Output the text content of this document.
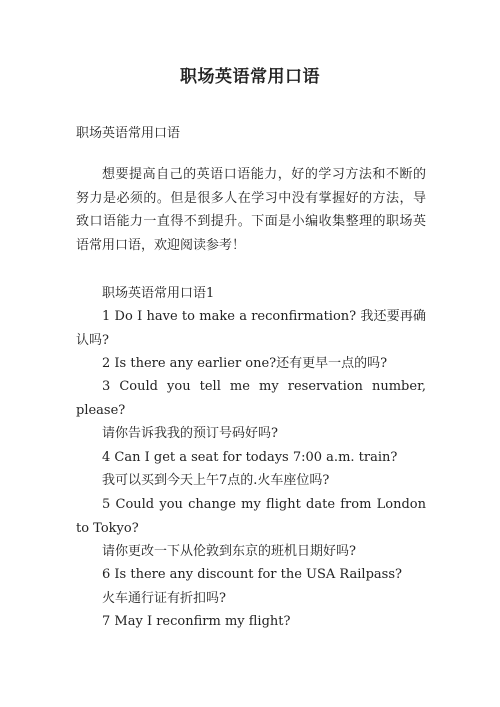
职场英语常用口语
职场英语常用口语
想要提高自己的英语口语能力，好的学习方法和不断的努力是必须的。但是很多人在学习中没有掌握好的方法，导致口语能力一直得不到提升。下面是小编收集整理的职场英语常用口语，欢迎阅读参考！
职场英语常用口语1
1 Do I have to make a reconfirmation? 我还要再确认吗?
2 Is there any earlier one?还有更早一点的吗?
3 Could you tell me my reservation number, please?
请你告诉我我的预订号码好吗?
4 Can I get a seat for todays 7:00 a.m. train?
我可以买到今天上午7点的.火车座位吗?
5 Could you change my flight date from London to Tokyo?
请你更改一下从伦敦到东京的班机日期好吗?
6 Is there any discount for the USA Railpass?
火车通行证有折扣吗?
7 May I reconfirm my flight?
